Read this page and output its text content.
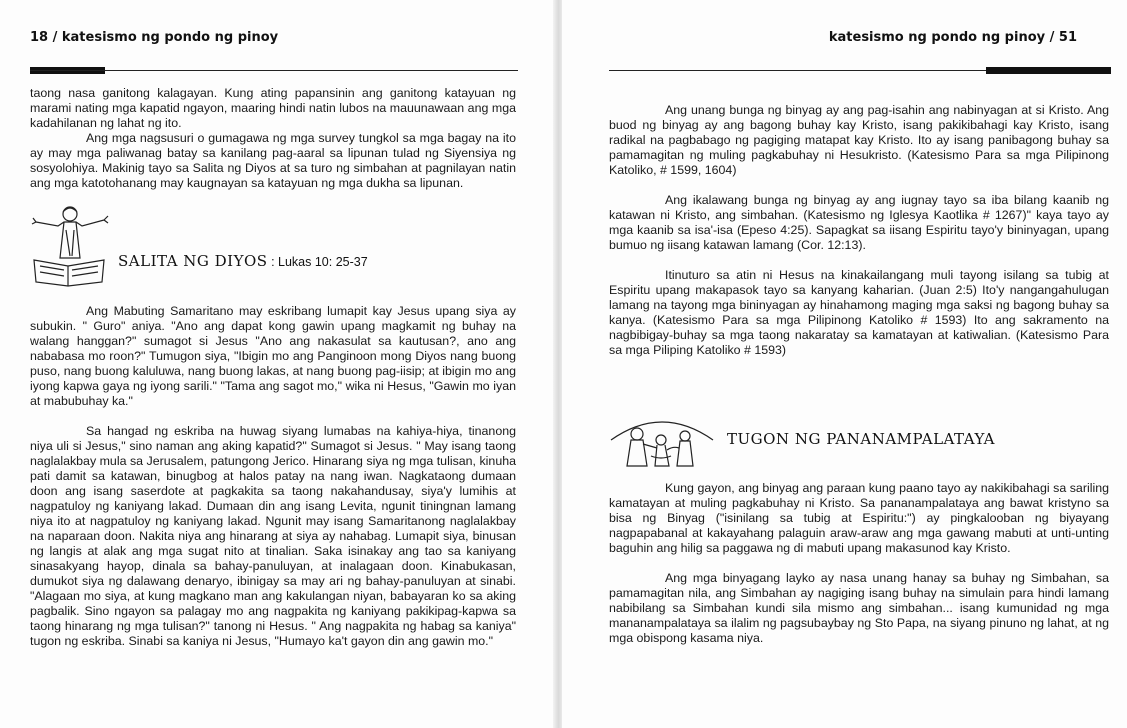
18 / katesismo ng pondo ng pinoy

taong nasa ganitong kalagayan. Kung ating papansinin ang ganitong katayuan ng marami nating mga kapatid ngayon, maaring hindi natin lubos na mauunawaan ang mga kadahilanan ng lahat ng ito.

Ang mga nagsusuri o gumagawa ng mga survey tungkol sa mga bagay na ito ay may mga paliwanag batay sa kanilang pag-aaral sa lipunan tulad ng Siyensiya ng sosyolohiya. Makinig tayo sa Salita ng Diyos at sa turo ng simbahan at pagnilayan natin ang mga katotohanang may kaugnayan sa katayuan ng mga dukha sa lipunan.

SALITA NG DIYOS : Lukas 10: 25-37

Ang Mabuting Samaritano may eskribang lumapit kay Jesus upang siya ay subukin. " Guro" aniya. "Ano ang dapat kong gawin upang magkamit ng buhay na walang hanggan?" sumagot si Jesus "Ano ang nakasulat sa kautusan?, ano ang nababasa mo roon?" Tumugon siya, "Ibigin mo ang Panginoon mong Diyos nang buong puso, nang buong kaluluwa, nang buong lakas, at nang buong pag-iisip; at ibigin mo ang iyong kapwa gaya ng iyong sarili." "Tama ang sagot mo," wika ni Hesus, "Gawin mo iyan at mabubuhay ka."

Sa hangad ng eskriba na huwag siyang lumabas na kahiya-hiya, tinanong niya uli si Jesus," sino naman ang aking kapatid?" Sumagot si Jesus. " May isang taong naglalakbay mula sa Jerusalem, patungong Jerico. Hinarang siya ng mga tulisan, kinuha pati damit sa katawan, binugbog at halos patay na nang iwan. Nagkataong dumaan doon ang isang saserdote at pagkakita sa taong nakahandusay, siya'y lumihis at nagpatuloy ng kaniyang lakad. Dumaan din ang isang Levita, ngunit tiningnan lamang niya ito at nagpatuloy ng kaniyang lakad. Ngunit may isang Samaritanong naglalakbay na naparaan doon. Nakita niya ang hinarang at siya ay nahabag. Lumapit siya, binusan ng langis at alak ang mga sugat nito at tinalian. Saka isinakay ang tao sa kaniyang sinasakyang hayop, dinala sa bahay-panuluyan, at inalagaan doon. Kinabukasan, dumukot siya ng dalawang denaryo, ibinigay sa may ari ng bahay-panuluyan at sinabi. "Alagaan mo siya, at kung magkano man ang kakulangan niyan, babayaran ko sa aking pagbalik. Sino ngayon sa palagay mo ang nagpakita ng kaniyang pakikipag-kapwa sa taong hinarang ng mga tulisan?" tanong ni Hesus. " Ang nagpakita ng habag sa kaniya" tugon ng eskriba. Sinabi sa kaniya ni Jesus, "Humayo ka't gayon din ang gawin mo."

katesismo ng pondo ng pinoy / 51

Ang unang bunga ng binyag ay ang pag-isahin ang nabinyagan at si Kristo. Ang buod ng binyag ay ang bagong buhay kay Kristo, isang pakikibahagi kay Kristo, isang radikal na pagbabago ng pagiging matapat kay Kristo. Ito ay isang panibagong buhay sa pamamagitan ng muling pagkabuhay ni Hesukristo. (Katesismo Para sa mga Pilipinong Katoliko, # 1599, 1604)

Ang ikalawang bunga ng binyag ay ang iugnay tayo sa iba bilang kaanib ng katawan ni Kristo, ang simbahan. (Katesismo ng Iglesya Kaotlika # 1267)" kaya tayo ay mga kaanib sa isa'-isa (Epeso 4:25). Sapagkat sa iisang Espiritu tayo'y bininyagan, upang bumuo ng iisang katawan lamang (Cor. 12:13).

Itinuturo sa atin ni Hesus na kinakailangang muli tayong isilang sa tubig at Espiritu upang makapasok tayo sa kanyang kaharian. (Juan 2:5) Ito'y nangangahulugan lamang na tayong mga bininyagan ay hinahamong maging mga saksi ng bagong buhay sa kanya. (Katesismo Para sa mga Pilipinong Katoliko # 1593) Ito ang sakramento na nagbibigay-buhay sa mga taong nakaratay sa kamatayan at katiwalian. (Katesismo Para sa mga Piliping Katoliko # 1593)

TUGON NG PANANAMPALATAYA

Kung gayon, ang binyag ang paraan kung paano tayo ay nakikibahagi sa sariling kamatayan at muling pagkabuhay ni Kristo. Sa pananampalataya ang bawat kristyno sa bisa ng Binyag ("isinilang sa tubig at Espiritu:") ay pingkalooban ng biyayang nagpapabanal at kakayahang palaguin araw-araw ang mga gawang mabuti at unti-unting baguhin ang hilig sa paggawa ng di mabuti upang makasunod kay Kristo.

Ang mga binyagang layko ay nasa unang hanay sa buhay ng Simbahan, sa pamamagitan nila, ang Simbahan ay nagiging isang buhay na simulain para hindi lamang nabibilang sa Simbahan kundi sila mismo ang simbahan... isang kumunidad ng mga mananampalataya sa ilalim ng pagsubaybay ng Sto Papa, na siyang pinuno ng lahat, at ng mga obispong kasama niya.
